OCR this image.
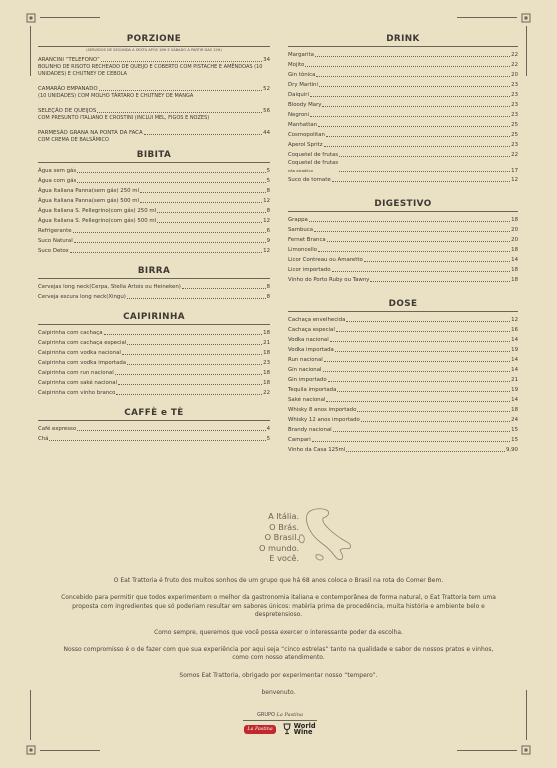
PORZIONE
(SERVIDOS DE SEGUNDA A SEXTA APÓS 18H E SÁBADO A PARTIR DAS 12H)
ARANCINI “TELEFONO”	34
BOLINHO DE RISOTO RECHEADO DE QUEIJO E COBERTO COM PISTACHE E AMÊNDOAS (10 UNIDADES) E CHUTNEY DE CEBOLA
CAMARÃO EMPANADO	52
(10 UNIDADES) COM MOLHO TÁRTARO E CHUTNEY DE MANGA
SELEÇÃO DE QUEIJOS	56
COM PRESUNTO ITALIANO E CROSTINI (INCLUI MEL, FIGOS E NOZES)
PARMESÃO GRANA NA PONTA DA FACA	44
COM CREMA DE BALSÂMICO
BIBITA
Água sem gás	5
Água com gás	5
Água Italiana Panna(sem gás) 250 ml	8
Água Italiana Panna(sem gás) 500 ml	12
Água Italiana S. Pellegrino(com gás) 250 ml	8
Água Italiana S. Pellegrino(com gás) 500 ml	12
Refrigerante	6
Suco Natural	9
Suco Detox	12
BIRRA
Cervejas long neck(Cerpa, Stella Artois ou Heineken)	8
Cerveja escura long neck(Xingu)	8
CAIPIRINHA
Caipirinha com cachaça	18
Caipirinha com cachaça especial	21
Caipirinha com vodka nacional	18
Caipirinha com vodka importada	23
Caipirinha com run nacional	18
Caipirinha com saké nacional	18
Caipirinha com vinho branco	22
CAFFÈ e TÈ
Café expresso	4
Chá	5
DRINK
Margarita	22
Mojito	22
Gin tônica	20
Dry Martini	23
Daiquiri	23
Bloody Mary	23
Negroni	23
Manhattan	25
Cosmopolitan	25
Aperol Spritz	23
Coquetel de frutas	22
Coquetel de frutas
não alcoólico	17
Suco de tomate	12
DIGESTIVO
Grappa	18
Sambuca	20
Fernet Branca	20
Limoncello	18
Licor Contreau ou Amaretto	14
Licor importado	18
Vinho do Porto Ruby ou Tawny	18
DOSE
Cachaça envelhecida	12
Cachaça especial	16
Vodka nacional	14
Vodka importada	19
Run nacional	14
Gin nacional	14
Gin importado	21
Tequila importada	19
Saké nacional	14
Whisky 8 anos importado	18
Whisky 12 anos importado	24
Brandy nacional	15
Campari	15
Vinho da Casa 125ml	9,90
A Itália.
O Brás.
O Brasil.
O mundo.
E você.

O Eat Trattoria é fruto dos muitos sonhos de um grupo que há 68 anos coloca o Brasil na rota do Comer Bem.

Concebido para permitir que todos experimentem o melhor da gastronomia italiana e contemporânea de forma natural, o Eat Trattoria tem uma proposta com ingredientes que só poderiam resultar em sabores únicos: matéria prima de procedência, muita história e ambiente belo e despretensioso.

Como sempre, queremos que você possa exercer o interessante poder da escolha.

Nosso compromisso é o de fazer com que sua experiência por aqui seja “cinco estrelas” tanto na qualidade e sabor de nossos pratos e vinhos, como com nosso atendimento.

Somos Eat Trattoria, obrigado por experimentar nosso “tempero”.

benvenuto.

GRUPO La Pastina
La Pastina	World
Wine
